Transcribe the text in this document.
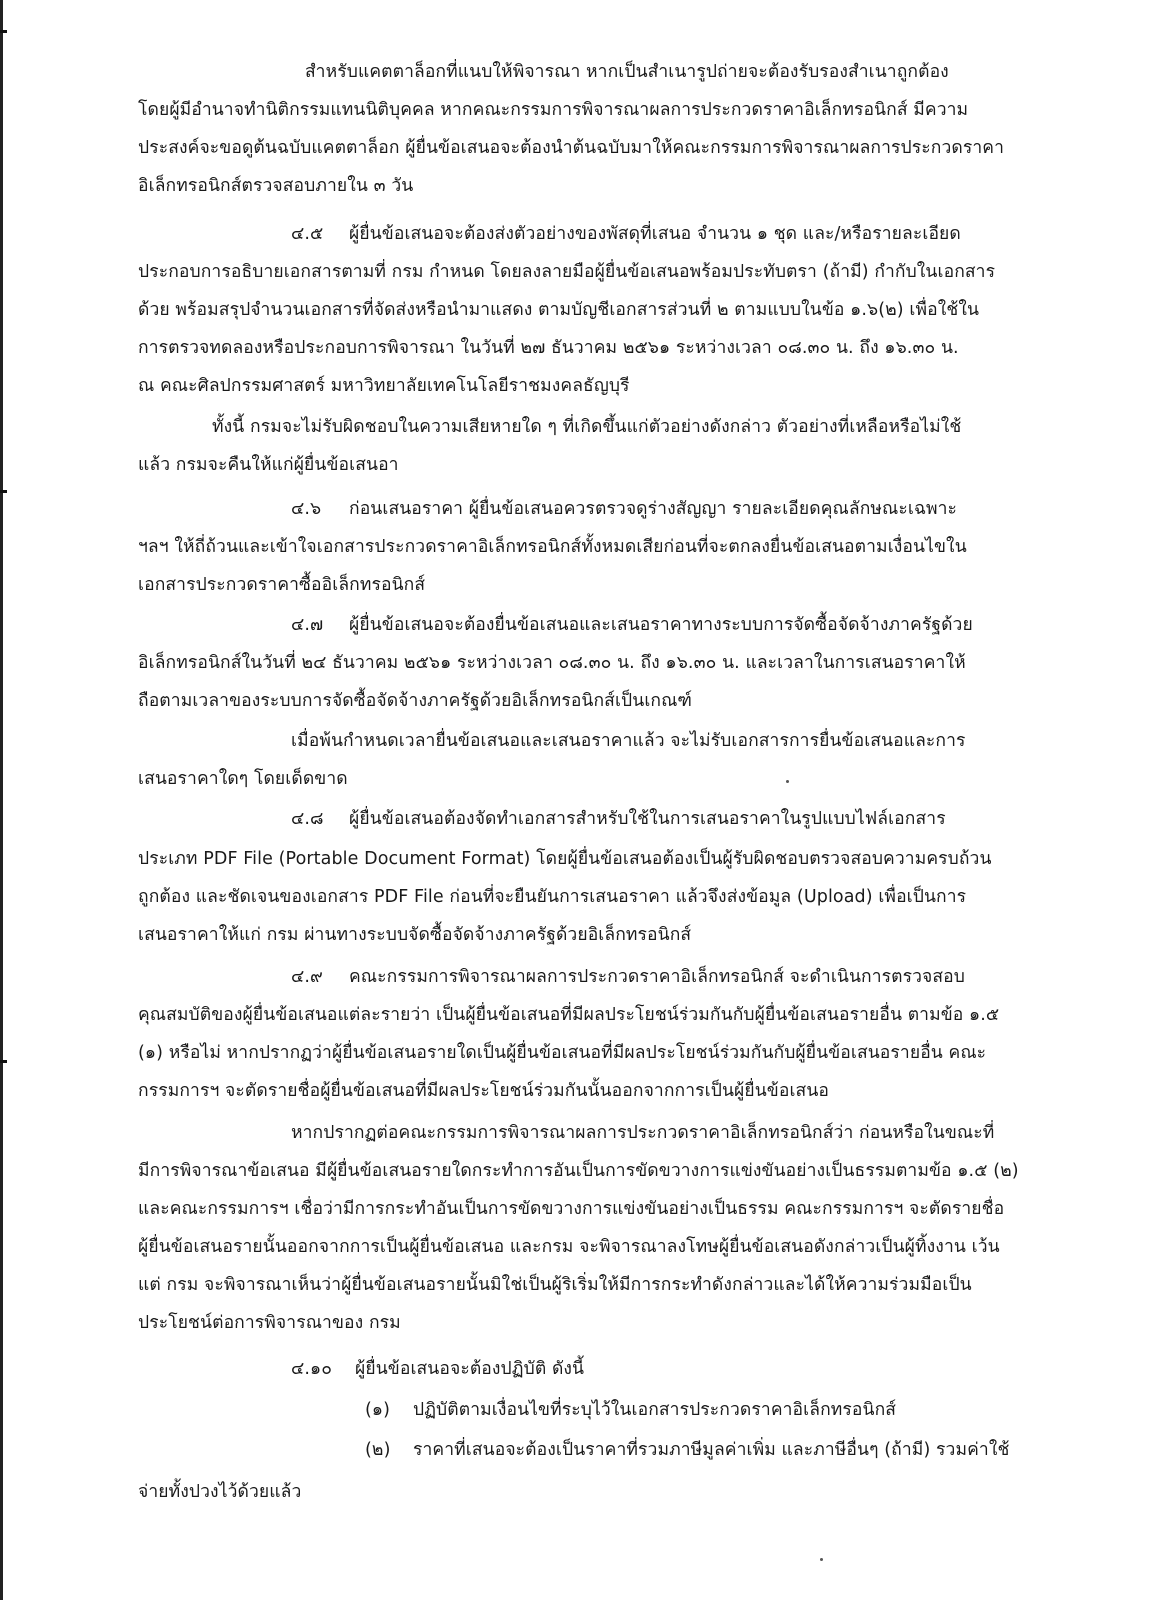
สำหรับแคตตาล็อกที่แนบให้พิจารณา หากเป็นสำเนารูปถ่ายจะต้องรับรองสำเนาถูกต้อง
โดยผู้มีอำนาจทำนิติกรรมแทนนิติบุคคล หากคณะกรรมการพิจารณาผลการประกวดราคาอิเล็กทรอนิกส์ มีความ
ประสงค์จะขอดูต้นฉบับแคตตาล็อก ผู้ยื่นข้อเสนอจะต้องนำต้นฉบับมาให้คณะกรรมการพิจารณาผลการประกวดราคา
อิเล็กทรอนิกส์ตรวจสอบภายใน ๓ วัน
๔.๕ ผู้ยื่นข้อเสนอจะต้องส่งตัวอย่างของพัสดุที่เสนอ จำนวน ๑ ชุด และ/หรือรายละเอียด
ประกอบการอธิบายเอกสารตามที่ กรม กำหนด โดยลงลายมือผู้ยื่นข้อเสนอพร้อมประทับตรา (ถ้ามี) กำกับในเอกสาร
ด้วย พร้อมสรุปจำนวนเอกสารที่จัดส่งหรือนำมาแสดง ตามบัญชีเอกสารส่วนที่ ๒ ตามแบบในข้อ ๑.๖(๒) เพื่อใช้ใน
การตรวจทดลองหรือประกอบการพิจารณา ในวันที่ ๒๗ ธันวาคม ๒๕๖๑ ระหว่างเวลา ๐๘.๓๐ น. ถึง ๑๖.๓๐ น.
ณ คณะศิลปกรรมศาสตร์ มหาวิทยาลัยเทคโนโลยีราชมงคลธัญบุรี
ทั้งนี้ กรมจะไม่รับผิดชอบในความเสียหายใด ๆ ที่เกิดขึ้นแก่ตัวอย่างดังกล่าว ตัวอย่างที่เหลือหรือไม่ใช้
แล้ว กรมจะคืนให้แก่ผู้ยื่นข้อเสนอา
๔.๖ ก่อนเสนอราคา ผู้ยื่นข้อเสนอควรตรวจดูร่างสัญญา รายละเอียดคุณลักษณะเฉพาะ
ฯลฯ ให้ถี่ถ้วนและเข้าใจเอกสารประกวดราคาอิเล็กทรอนิกส์ทั้งหมดเสียก่อนที่จะตกลงยื่นข้อเสนอตามเงื่อนไขใน
เอกสารประกวดราคาซื้ออิเล็กทรอนิกส์
๔.๗ ผู้ยื่นข้อเสนอจะต้องยื่นข้อเสนอและเสนอราคาทางระบบการจัดซื้อจัดจ้างภาครัฐด้วย
อิเล็กทรอนิกส์ในวันที่ ๒๔ ธันวาคม ๒๕๖๑ ระหว่างเวลา ๐๘.๓๐ น. ถึง ๑๖.๓๐ น. และเวลาในการเสนอราคาให้
ถือตามเวลาของระบบการจัดซื้อจัดจ้างภาครัฐด้วยอิเล็กทรอนิกส์เป็นเกณฑ์
เมื่อพ้นกำหนดเวลายื่นข้อเสนอและเสนอราคาแล้ว จะไม่รับเอกสารการยื่นข้อเสนอและการ
เสนอราคาใดๆ โดยเด็ดขาด
๔.๘ ผู้ยื่นข้อเสนอต้องจัดทำเอกสารสำหรับใช้ในการเสนอราคาในรูปแบบไฟล์เอกสาร
ประเภท PDF File (Portable Document Format) โดยผู้ยื่นข้อเสนอต้องเป็นผู้รับผิดชอบตรวจสอบความครบถ้วน
ถูกต้อง และชัดเจนของเอกสาร PDF File ก่อนที่จะยืนยันการเสนอราคา แล้วจึงส่งข้อมูล (Upload) เพื่อเป็นการ
เสนอราคาให้แก่ กรม ผ่านทางระบบจัดซื้อจัดจ้างภาครัฐด้วยอิเล็กทรอนิกส์
๔.๙ คณะกรรมการพิจารณาผลการประกวดราคาอิเล็กทรอนิกส์ จะดำเนินการตรวจสอบ
คุณสมบัติของผู้ยื่นข้อเสนอแต่ละรายว่า เป็นผู้ยื่นข้อเสนอที่มีผลประโยชน์ร่วมกันกับผู้ยื่นข้อเสนอรายอื่น ตามข้อ ๑.๕
(๑) หรือไม่ หากปรากฏว่าผู้ยื่นข้อเสนอรายใดเป็นผู้ยื่นข้อเสนอที่มีผลประโยชน์ร่วมกันกับผู้ยื่นข้อเสนอรายอื่น คณะ
กรรมการฯ จะตัดรายชื่อผู้ยื่นข้อเสนอที่มีผลประโยชน์ร่วมกันนั้นออกจากการเป็นผู้ยื่นข้อเสนอ
หากปรากฏต่อคณะกรรมการพิจารณาผลการประกวดราคาอิเล็กทรอนิกส์ว่า ก่อนหรือในขณะที่
มีการพิจารณาข้อเสนอ มีผู้ยื่นข้อเสนอรายใดกระทำการอันเป็นการขัดขวางการแข่งขันอย่างเป็นธรรมตามข้อ ๑.๕ (๒)
และคณะกรรมการฯ เชื่อว่ามีการกระทำอันเป็นการขัดขวางการแข่งขันอย่างเป็นธรรม คณะกรรมการฯ จะตัดรายชื่อ
ผู้ยื่นข้อเสนอรายนั้นออกจากการเป็นผู้ยื่นข้อเสนอ และกรม จะพิจารณาลงโทษผู้ยื่นข้อเสนอดังกล่าวเป็นผู้ทิ้งงาน เว้น
แต่ กรม จะพิจารณาเห็นว่าผู้ยื่นข้อเสนอรายนั้นมิใช่เป็นผู้ริเริ่มให้มีการกระทำดังกล่าวและได้ให้ความร่วมมือเป็น
ประโยชน์ต่อการพิจารณาของ กรม
๔.๑๐ ผู้ยื่นข้อเสนอจะต้องปฏิบัติ ดังนี้
(๑) ปฏิบัติตามเงื่อนไขที่ระบุไว้ในเอกสารประกวดราคาอิเล็กทรอนิกส์
(๒) ราคาที่เสนอจะต้องเป็นราคาที่รวมภาษีมูลค่าเพิ่ม และภาษีอื่นๆ (ถ้ามี) รวมค่าใช้
จ่ายทั้งปวงไว้ด้วยแล้ว
